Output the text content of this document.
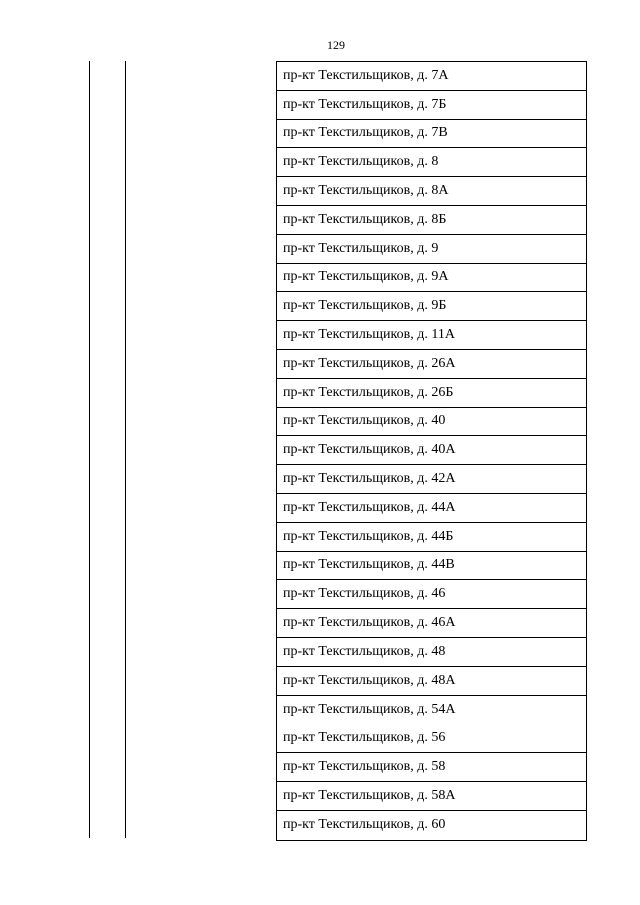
129
пр-кт Текстильщиков, д. 7А
пр-кт Текстильщиков, д. 7Б
пр-кт Текстильщиков, д. 7В
пр-кт Текстильщиков, д. 8
пр-кт Текстильщиков, д. 8А
пр-кт Текстильщиков, д. 8Б
пр-кт Текстильщиков, д. 9
пр-кт Текстильщиков, д. 9А
пр-кт Текстильщиков, д. 9Б
пр-кт Текстильщиков, д. 11А
пр-кт Текстильщиков, д. 26А
пр-кт Текстильщиков, д. 26Б
пр-кт Текстильщиков, д. 40
пр-кт Текстильщиков, д. 40А
пр-кт Текстильщиков, д. 42А
пр-кт Текстильщиков, д. 44А
пр-кт Текстильщиков, д. 44Б
пр-кт Текстильщиков, д. 44В
пр-кт Текстильщиков, д. 46
пр-кт Текстильщиков, д. 46А
пр-кт Текстильщиков, д. 48
пр-кт Текстильщиков, д. 48А
пр-кт Текстильщиков, д. 54А
пр-кт Текстильщиков, д. 56
пр-кт Текстильщиков, д. 58
пр-кт Текстильщиков, д. 58А
пр-кт Текстильщиков, д. 60
